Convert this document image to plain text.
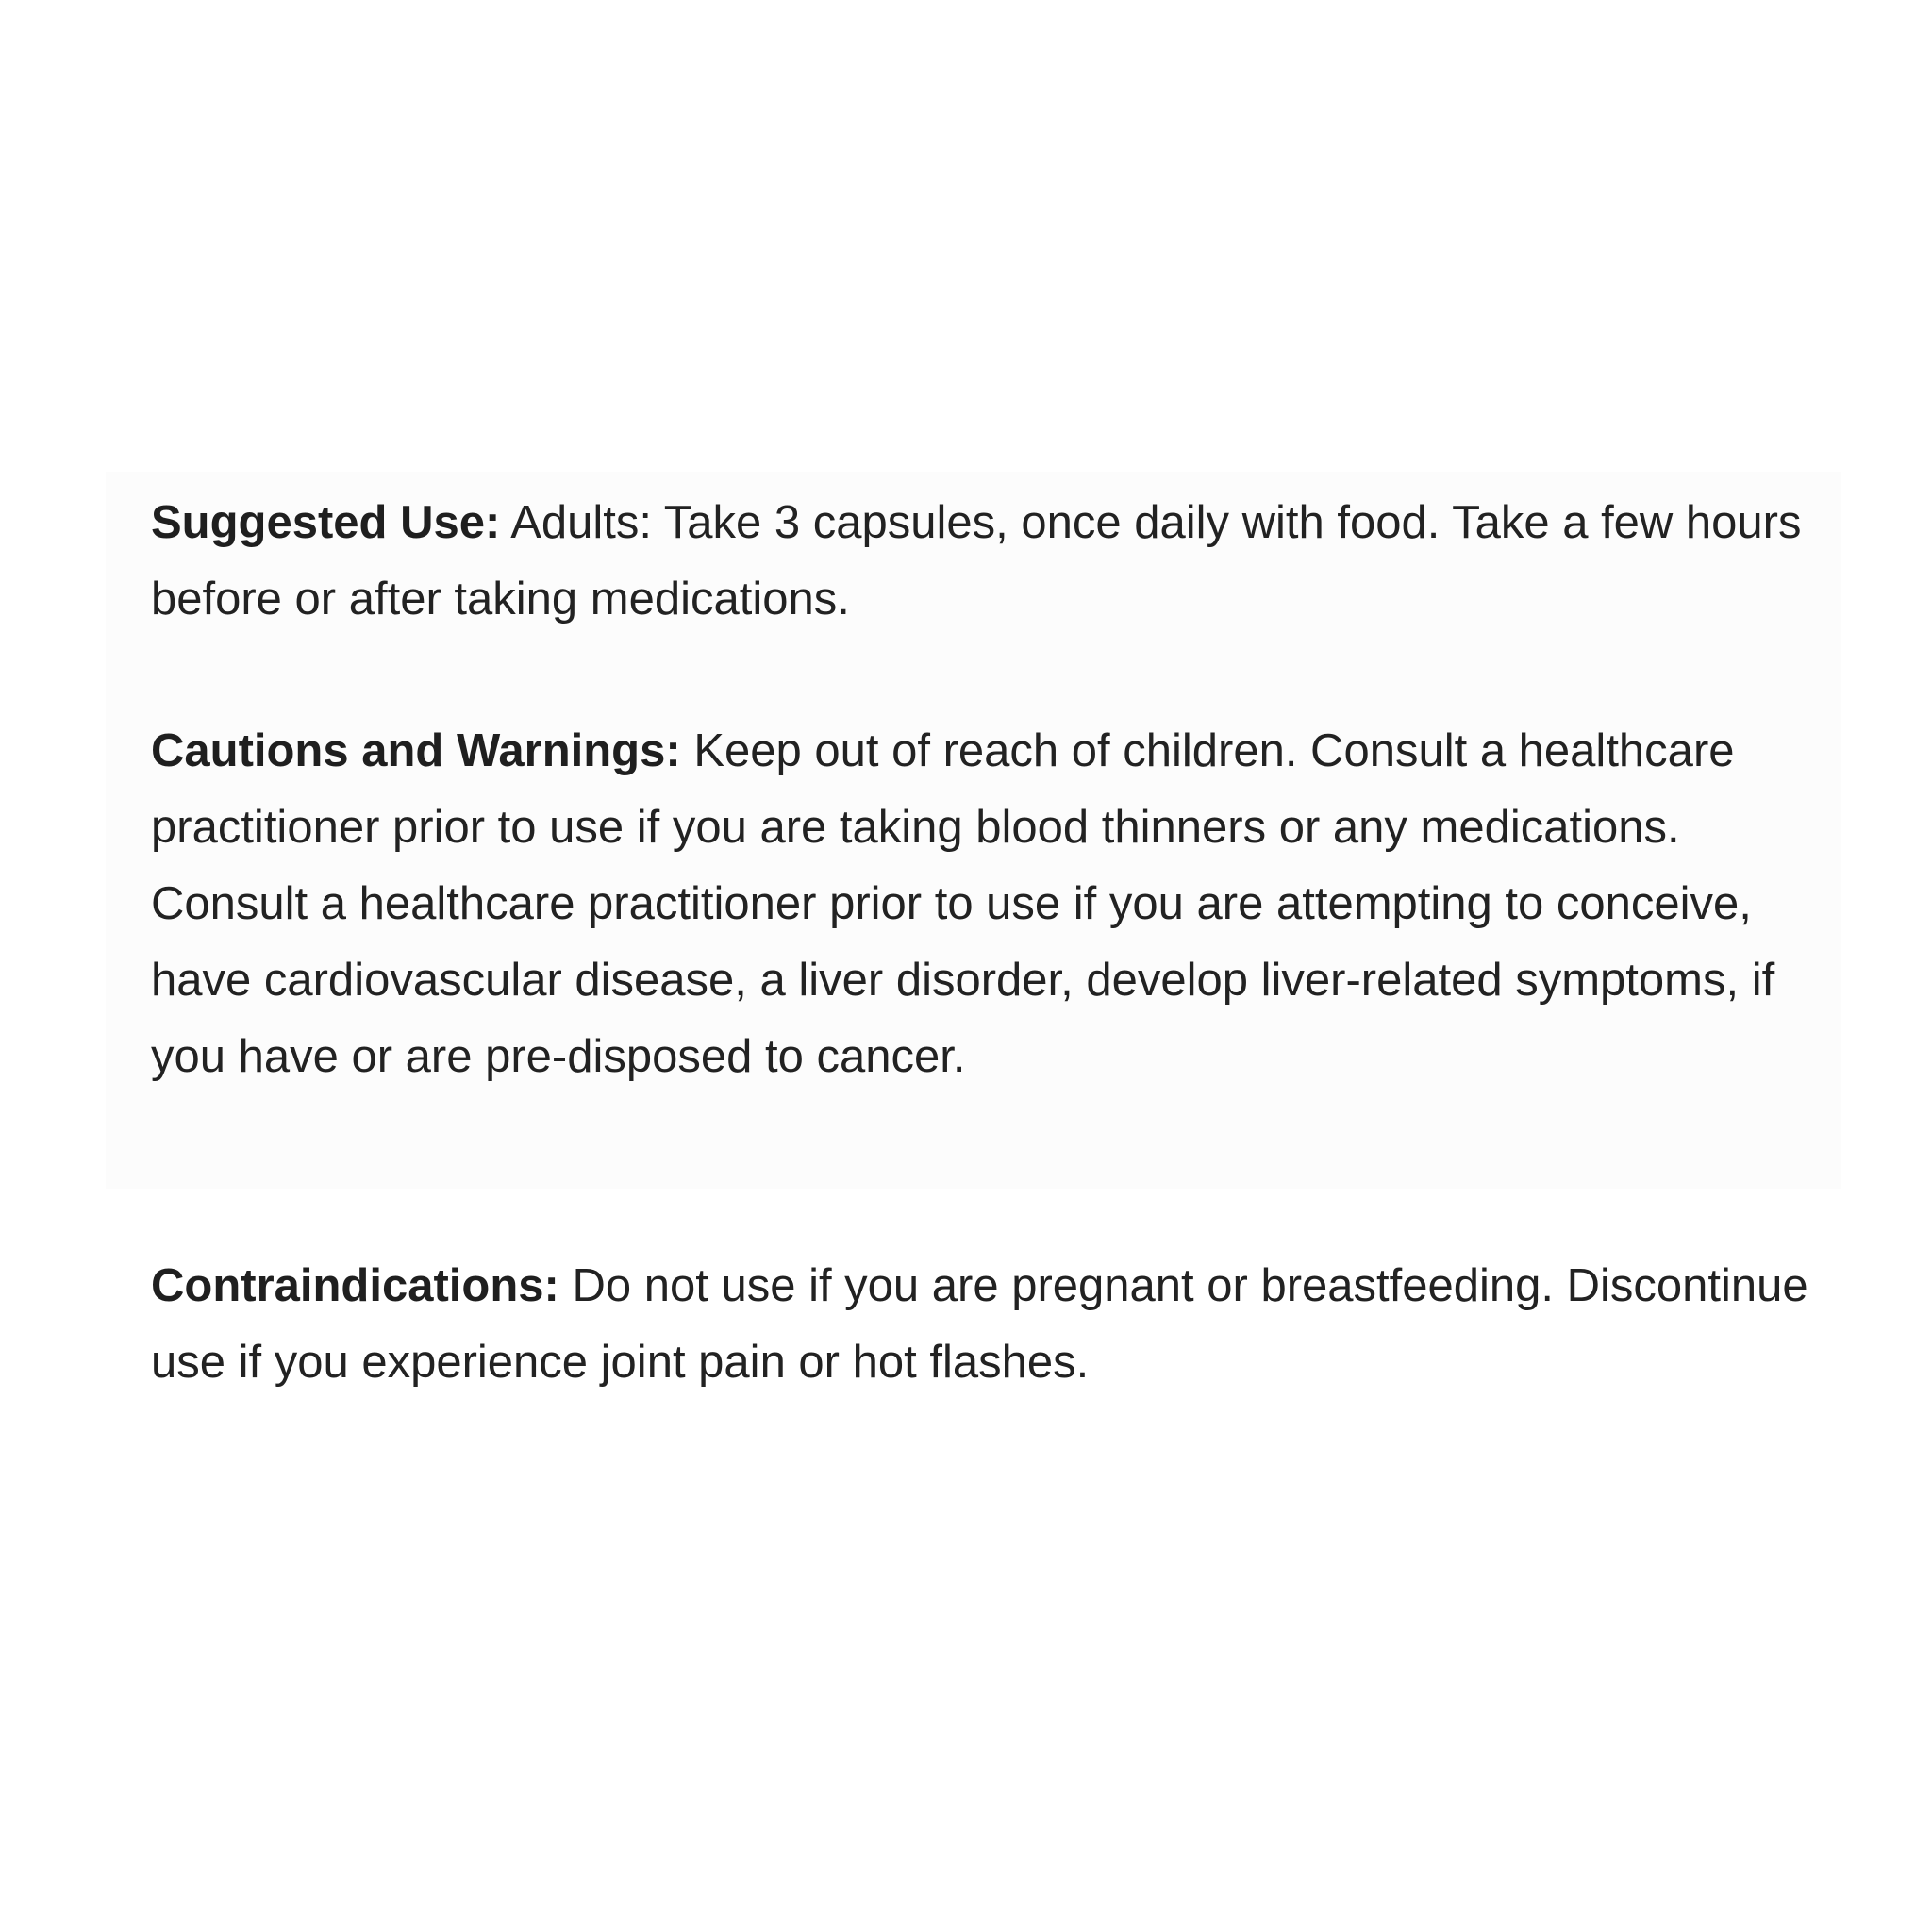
Suggested Use: Adults: Take 3 capsules, once daily with food. Take a few hours before or after taking medications.

Cautions and Warnings: Keep out of reach of children. Consult a healthcare practitioner prior to use if you are taking blood thinners or any medications. Consult a healthcare practitioner prior to use if you are attempting to conceive, have cardiovascular disease, a liver disorder, develop liver-related symptoms, if you have or are pre-disposed to cancer.

Contraindications: Do not use if you are pregnant or breastfeeding. Discontinue use if you experience joint pain or hot flashes.
